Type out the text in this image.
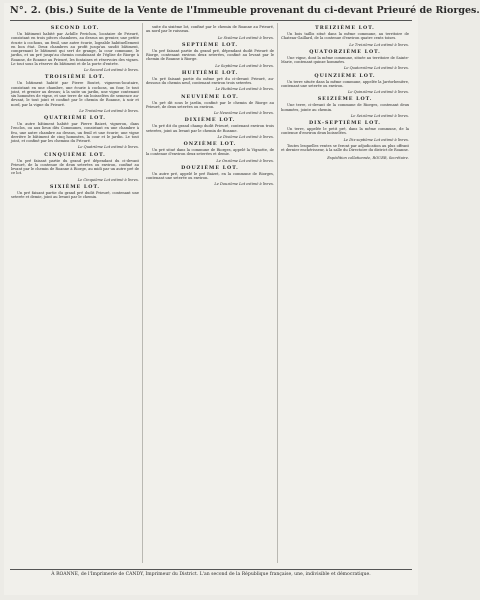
N°. 2. (bis.) Suite de la Vente de l'Immeuble provenant du ci-devant Prieuré de Riorges.
SECOND LOT.

Un bâtiment habité par Achille Perichon, locataire de Prieuré, consistant en trois pièces chambres, au dessus un grenier, une petite écurie à cochons, un fenil, une autre écurie, logeable habituellement en bon état. Deux chambres au profit jusqu'au susdit bâtiment, comprenant le bâtiment qui sert de grange, la cour commune, le jardin, et un pré jusqu'au chemin conduisant de l'église de Riorge à Roanne, de Roanne au Prieuré, les fontaines et réservoirs des vignes. Le tout sous la réserve du bâtiment et de la porte d'entrée.

Le Second Lot estimé à livres.

TROISIÈME LOT.

Un bâtiment habité par Pierre Boutet, vigneron-locataire, consistant en une chambre, une écurie à cochons, un four, le tout joint, et grenier au dessus; à la suite un jardin, une vigne contenant six hommées de vigne, et une terre de six boisselées de semence au-devant, le tout joint et confiné par le chemin de Roanne, à soir et nord, par la vigne du Prieuré.

Le Troisième Lot estimé à livres.

QUATRIÈME LOT.

Un autre bâtiment habité par Pierre Baizet, vigneron, dans l'enclos, ou aux lieux dits Communes, consistant en une chambre à feu, une autre chambre au dessus, un fenil et une écurie; une vigne derrière le bâtiment de cinq hommées, la cour et le jardin. Le tout joint, et confiné par les chemins du Prieuré.

Le Quatrième Lot estimé à livres.

CINQUIÈME LOT.

Un pré faisant partie du grand pré dépendant du ci-devant Prieuré, de la contenue de deux seterées ou environ, confiné au levant par le chemin de Roanne à Riorge, au midi par un autre pré de ce lot.

Le Cinquième Lot estimé à livres.

SIXIÈME LOT.

Un pré faisant partie du grand pré dudit Prieuré, contenant une seterée et demie, joint au levant par le chemin.

suite du sixième lot, confiné par le chemin de Roanne au Prieuré, au nord par le ruisseau.

Le Sixième Lot estimé à livres.

SEPTIÈME LOT.

Un pré faisant partie du grand pré, dépendant dudit Prieuré de Riorge, contenant environ deux seterées, confiné au levant par le chemin de Roanne à Riorge.

Le Septième Lot estimé à livres.

HUITIÈME LOT.

Un pré faisant partie du même pré du ci-devant Prieuré, au-dessous du chemin neuf, contenant environ trois seterées.

Le Huitième Lot estimé à livres.

NEUVIÈME LOT.

Un pré dit sous le jardin, confiné par le chemin de Riorge au Prieuré, de deux seterées ou environ.

Le Neuvième Lot estimé à livres.

DIXIÈME LOT.

Un pré dit du grand champ dudit Prieuré, contenant environ trois seterées, joint au levant par le chemin de Roanne.

Le Dixième Lot estimé à livres.

ONZIÈME LOT.

Un pré situé dans la commune de Riorges, appelé la Vignotte, de la contenue d'environ deux seterées et demie.

Le Onzième Lot estimé à livres.

DOUZIÈME LOT.

Un autre pré, appelé le pré Baizet, en la commune de Riorges, contenant une seterée ou environ.

Le Douzième Lot estimé à livres.

TREIZIÈME LOT.

Un bois taillis situé dans la même commune, au territoire de Chateau-Gaillard, de la contenue d'environ quatre cents toises.

Le Treizième Lot estimé à livres.

QUATORZIÈME LOT.

Une vigne, dont la même commune, située au territoire de Sainte-Marie, contenant quinze hommées.

Le Quatorzième Lot estimé à livres.

QUINZIÈME LOT.

Un terre située dans la même commune, appelée la Jaréorbenière, contenant une seterée ou environ.

Le Quinzième Lot estimé à livres.

SEIZIÈME LOT.

Une terre, ci-devant de la commune de Riorges, contenant deux hommées, jointe au chemin.

Le Seizième Lot estimé à livres.

DIX-SEPTIÈME LOT.

Un terre, appelée le petit pré, dans la même commune, de la contenue d'environ deux boisselées.

Le Dix-septième Lot estimé à livres.

Toutes lesquelles ventes se feront par adjudication au plus offrant et dernier enchérisseur, à la salle du Directoire du district de Roanne.

Expédition collationnée, ROUER, Secrétaire.
À ROANNE, de l'Imprimerie de CANDY, Imprimeur du District. L'an second de la République française, une, indivisible et démocratique.
